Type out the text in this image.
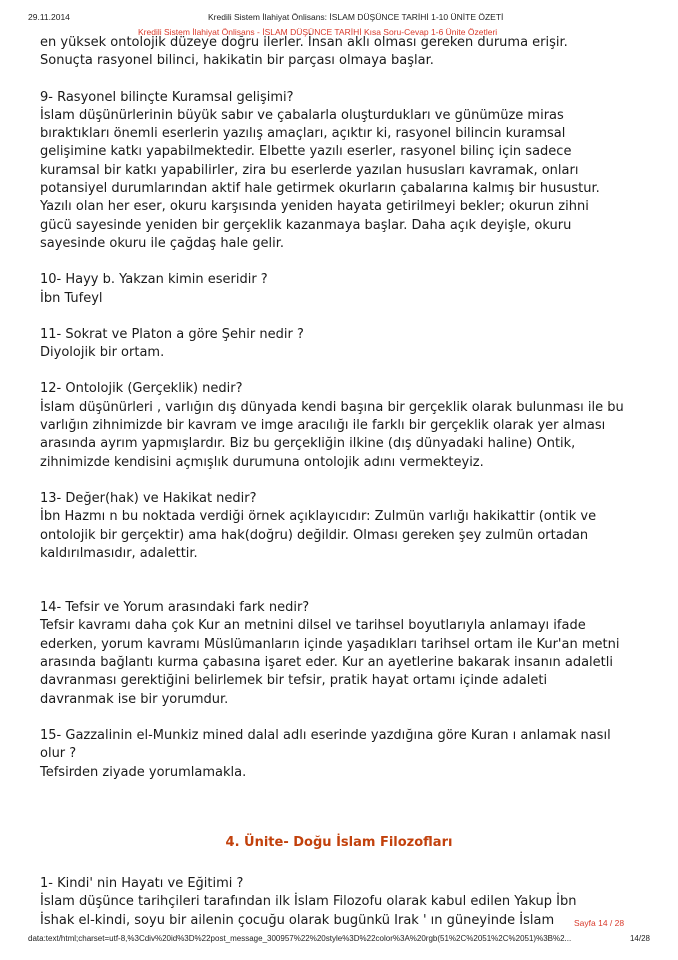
29.11.2014	Kredili Sistem İlahiyat Önlisans: İSLAM DÜŞÜNCE TARİHİ 1-10 ÜNİTE ÖZETİ
Kredili Sistem İlahiyat Önlisans - İSLAM DÜŞÜNCE TARİHİ Kısa Soru-Cevap 1-6 Ünite Özetleri

en yüksek ontolojik düzeye doğru ilerler. İnsan aklı olması gereken duruma erişir.

Sonuçta rasyonel bilinci, hakikatin bir parçası olmaya başlar.

9- Rasyonel bilinçte Kuramsal gelişimi?

İslam düşünürlerinin büyük sabır ve çabalarla oluşturdukları ve günümüze miras

bıraktıkları önemli eserlerin yazılış amaçları, açıktır ki, rasyonel bilincin kuramsal

gelişimine katkı yapabilmektedir. Elbette yazılı eserler, rasyonel bilinç için sadece

kuramsal bir katkı yapabilirler, zira bu eserlerde yazılan hususları kavramak, onları

potansiyel durumlarından aktif hale getirmek okurların çabalarına kalmış bir husustur.

Yazılı olan her eser, okuru karşısında yeniden hayata getirilmeyi bekler; okurun zihni

gücü sayesinde yeniden bir gerçeklik kazanmaya başlar. Daha açık deyişle, okuru

sayesinde okuru ile çağdaş hale gelir.

10- Hayy b. Yakzan kimin eseridir ?

İbn Tufeyl

11- Sokrat ve Platon a göre Şehir nedir ?

Diyolojik bir ortam.

12- Ontolojik (Gerçeklik) nedir?

İslam düşünürleri , varlığın dış dünyada kendi başına bir gerçeklik olarak bulunması ile bu

varlığın zihnimizde bir kavram ve imge aracılığı ile farklı bir gerçeklik olarak yer alması

arasında ayrım yapmışlardır. Biz bu gerçekliğin ilkine (dış dünyadaki haline) Ontik,

zihnimizde kendisini açmışlık durumuna ontolojik adını vermekteyiz.

13- Değer(hak) ve Hakikat nedir?

İbn Hazmı n bu noktada verdiği örnek açıklayıcıdır: Zulmün varlığı hakikattir (ontik ve

ontolojik bir gerçektir) ama hak(doğru) değildir. Olması gereken şey zulmün ortadan

kaldırılmasıdır, adalettir.

14- Tefsir ve Yorum arasındaki fark nedir?

Tefsir kavramı daha çok Kur an metnini dilsel ve tarihsel boyutlarıyla anlamayı ifade

ederken, yorum kavramı Müslümanların içinde yaşadıkları tarihsel ortam ile Kur'an metni

arasında bağlantı kurma çabasına işaret eder. Kur an ayetlerine bakarak insanın adaletli

davranması gerektiğini belirlemek bir tefsir, pratik hayat ortamı içinde adaleti

davranmak ise bir yorumdur.

15- Gazzalinin el-Munkiz mined dalal adlı eserinde yazdığına göre Kuran ı anlamak nasıl

olur ?

Tefsirden ziyade yorumlamakla.

4. Ünite- Doğu İslam Filozofları

1- Kindi' nin Hayatı ve Eğitimi ?

İslam düşünce tarihçileri tarafından ilk İslam Filozofu olarak kabul edilen Yakup İbn

İshak el-kindi, soyu bir ailenin çocuğu olarak bugünkü Irak ' ın güneyinde İslam	Sayfa 14 / 28
data:text/html;charset=utf-8,%3Cdiv%20id%3D%22post_message_300957%22%20style%3D%22color%3A%20rgb(51%2C%2051%2C%2051)%3B%2...	14/28
